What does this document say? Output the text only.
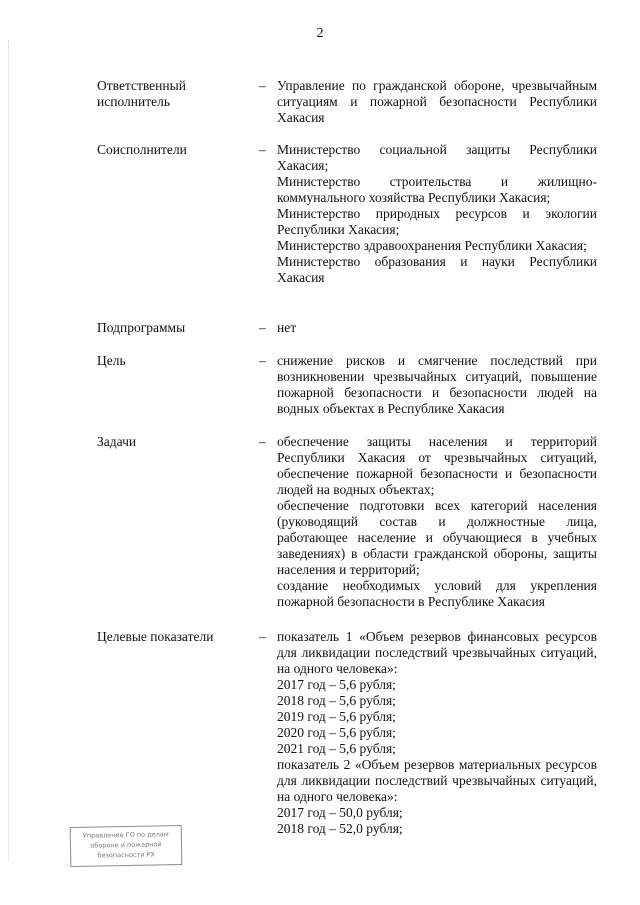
2
Ответственный исполнитель
– Управление по гражданской обороне, чрезвычайным ситуациям и пожарной безопасности Республики Хакасия

Соисполнители	– Министерство социальной защиты Республики Хакасия;

Министерство строительства и жилищно-коммунального хозяйства Республики Хакасия;

Министерство природных ресурсов и экологии Республики Хакасия;

Министерство здравоохранения Республики Хакасия;

Министерство образования и науки Республики Хакасия

Подпрограммы	– нет

Цель	– снижение рисков и смягчение последствий при возникновении чрезвычайных ситуаций, повышение пожарной безопасности и безопасности людей на водных объектах в Республике Хакасия

Задачи	– обеспечение защиты населения и территорий Республики Хакасия от чрезвычайных ситуаций, обеспечение пожарной безопасности и безопасности людей на водных объектах;

обеспечение подготовки всех категорий населения (руководящий состав и должностные лица, работающее население и обучающиеся в учебных заведениях) в области гражданской обороны, защиты населения и территорий;

создание необходимых условий для укрепления пожарной безопасности в Республике Хакасия

Целевые показатели	– показатель 1 «Объем резервов финансовых ресурсов для ликвидации последствий чрезвычайных ситуаций, на одного человека»:

2017 год – 5,6 рубля;

2018 год – 5,6 рубля;

2019 год – 5,6 рубля;

2020 год – 5,6 рубля;

2021 год – 5,6 рубля;

показатель 2 «Объем резервов материальных ресурсов для ликвидации последствий чрезвычайных ситуаций, на одного человека»:

2017 год – 50,0 рубля;

2018 год – 52,0 рубля;

Управление ГО по делам
обороне и пожарной
безопасности РХ
